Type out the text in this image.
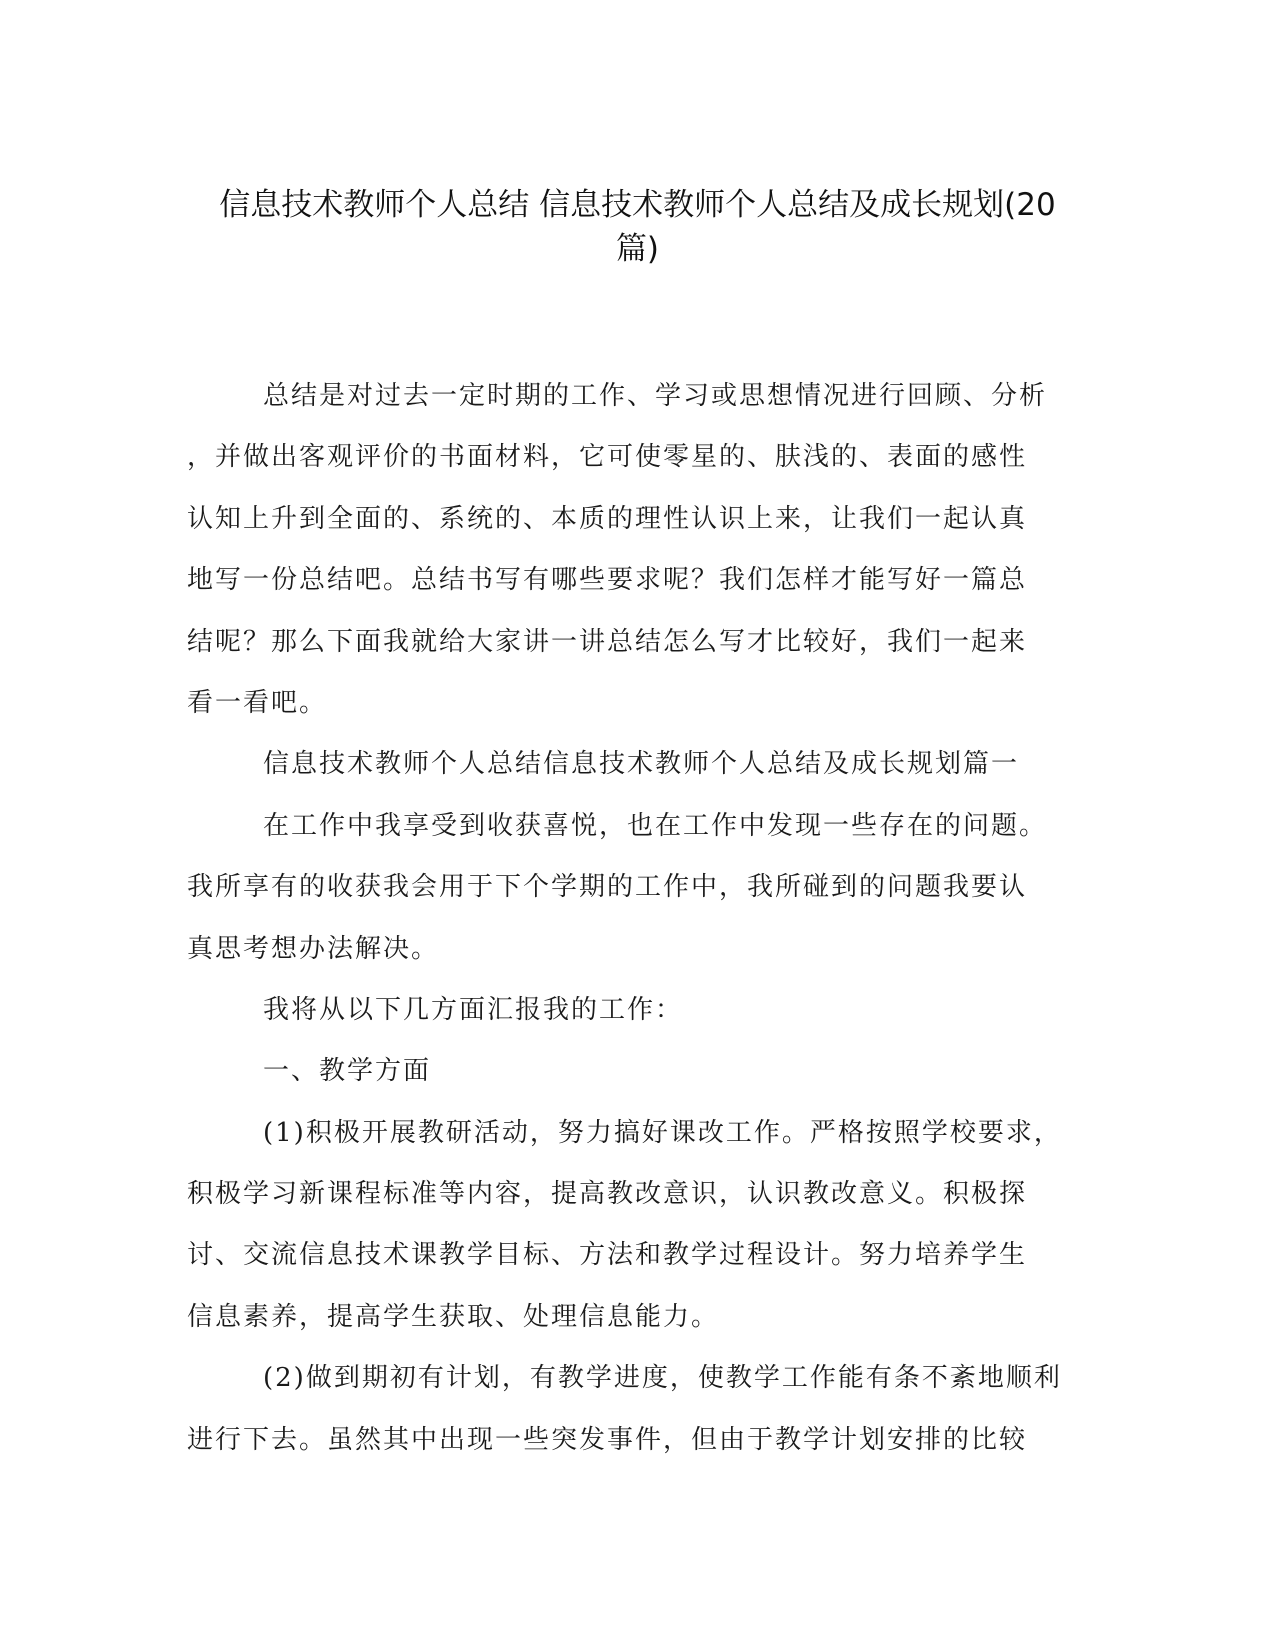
信息技术教师个人总结 信息技术教师个人总结及成长规划(20
篇)
总结是对过去一定时期的工作、学习或思想情况进行回顾、分析
，并做出客观评价的书面材料，它可使零星的、肤浅的、表面的感性
认知上升到全面的、系统的、本质的理性认识上来，让我们一起认真
地写一份总结吧。总结书写有哪些要求呢？我们怎样才能写好一篇总
结呢？那么下面我就给大家讲一讲总结怎么写才比较好，我们一起来
看一看吧。
信息技术教师个人总结信息技术教师个人总结及成长规划篇一
在工作中我享受到收获喜悦，也在工作中发现一些存在的问题。
我所享有的收获我会用于下个学期的工作中，我所碰到的问题我要认
真思考想办法解决。
我将从以下几方面汇报我的工作：
一、教学方面
(1)积极开展教研活动，努力搞好课改工作。严格按照学校要求，
积极学习新课程标准等内容，提高教改意识，认识教改意义。积极探
讨、交流信息技术课教学目标、方法和教学过程设计。努力培养学生
信息素养，提高学生获取、处理信息能力。
(2)做到期初有计划，有教学进度，使教学工作能有条不紊地顺利
进行下去。虽然其中出现一些突发事件，但由于教学计划安排的比较
